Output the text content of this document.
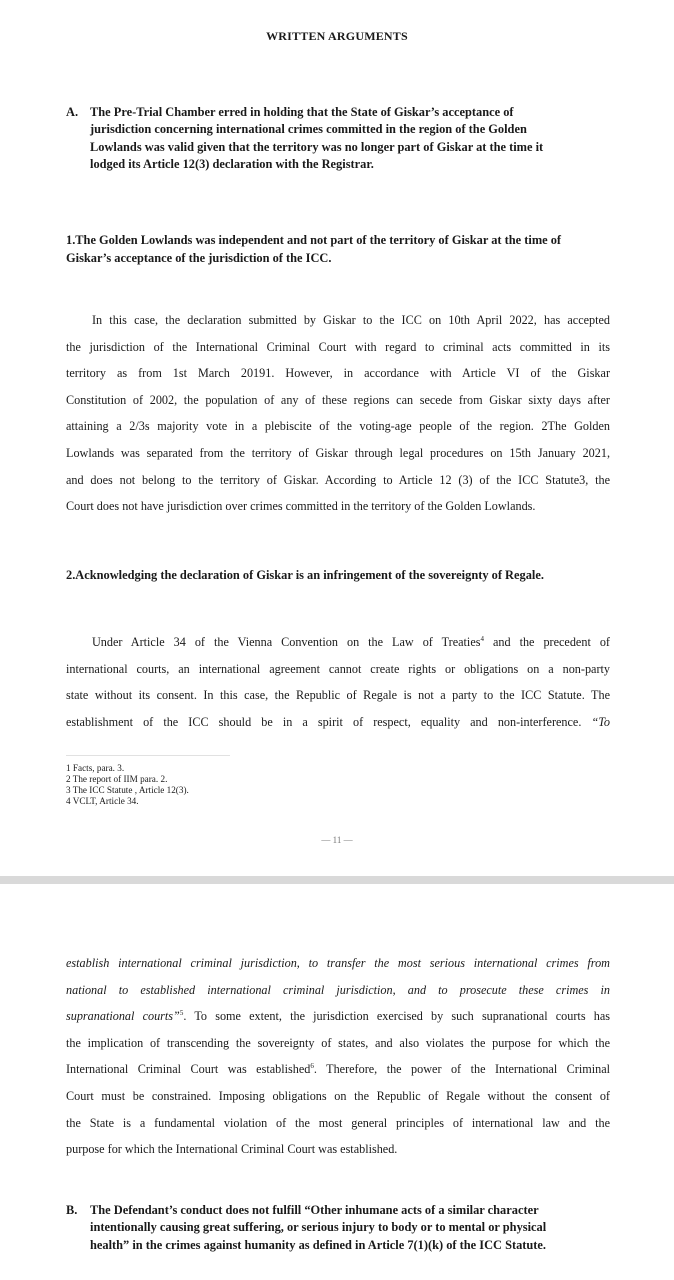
WRITTEN ARGUMENTS
A. The Pre-Trial Chamber erred in holding that the State of Giskar’s acceptance of
jurisdiction concerning international crimes committed in the region of the Golden
Lowlands was valid given that the territory was no longer part of Giskar at the time it
lodged its Article 12(3) declaration with the Registrar.
1.The Golden Lowlands was independent and not part of the territory of Giskar at the time of
Giskar’s acceptance of the jurisdiction of the ICC.
In this case, the declaration submitted by Giskar to the ICC on 10th April 2022, has accepted
the jurisdiction of the International Criminal Court with regard to criminal acts committed in its
territory as from 1st March 20191. However, in accordance with Article VI of the Giskar
Constitution of 2002, the population of any of these regions can secede from Giskar sixty days after
attaining a 2/3s majority vote in a plebiscite of the voting-age people of the region. 2The Golden
Lowlands was separated from the territory of Giskar through legal procedures on 15th January 2021,
and does not belong to the territory of Giskar. According to Article 12 (3) of the ICC Statute3, the
Court does not have jurisdiction over crimes committed in the territory of the Golden Lowlands.
2.Acknowledging the declaration of Giskar is an infringement of the sovereignty of Regale.
Under Article 34 of the Vienna Convention on the Law of Treaties$^4$ and the precedent of
international courts, an international agreement cannot create rights or obligations on a non-party
state without its consent. In this case, the Republic of Regale is not a party to the ICC Statute. The
establishment of the ICC should be in a spirit of respect, equality and non-interference. “To
1 Facts, para. 3.
2 The report of IIM para. 2.
3 The ICC Statute , Article 12(3).
4 VCLT, Article 34.
— 11 —
establish international criminal jurisdiction, to transfer the most serious international crimes from
national to established international criminal jurisdiction, and to prosecute these crimes in
supranational courts”$^5$. To some extent, the jurisdiction exercised by such supranational courts has
the implication of transcending the sovereignty of states, and also violates the purpose for which the
International Criminal Court was established$^6$. Therefore, the power of the International Criminal
Court must be constrained. Imposing obligations on the Republic of Regale without the consent of
the State is a fundamental violation of the most general principles of international law and the
purpose for which the International Criminal Court was established.
B.	The Defendant’s conduct does not fulfill “Other inhumane acts of a similar character
intentionally causing great suffering, or serious injury to body or to mental or physical
health” in the crimes against humanity as defined in Article 7(1)(k) of the ICC Statute.
